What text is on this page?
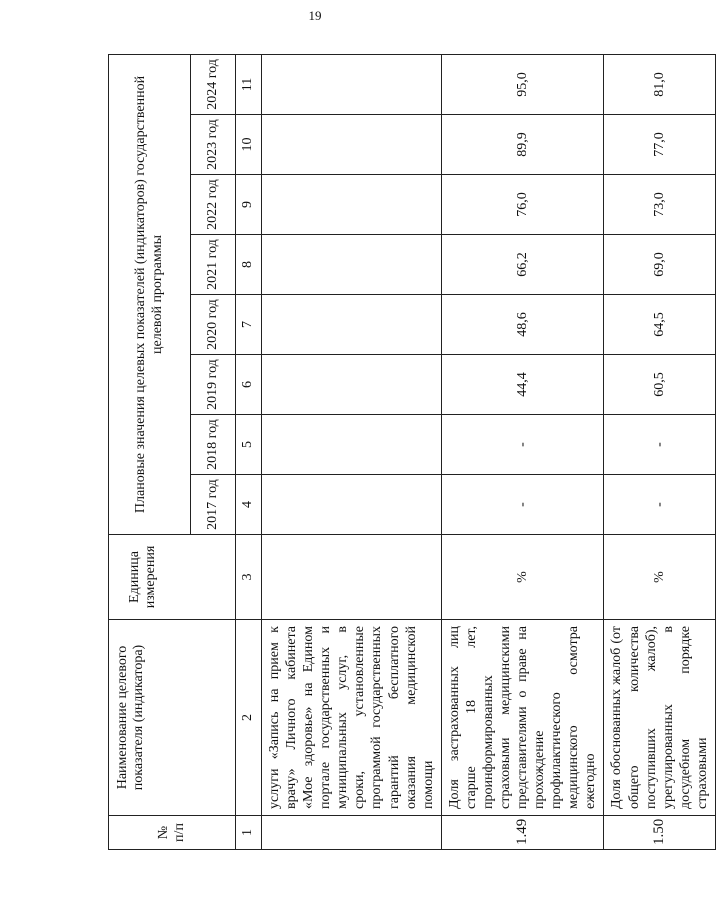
19
№ п/п	Наименование целевого показателя (индикатора)	Единица измерения	Плановые значения целевых показателей (индикаторов) государственной целевой программы							
			2017 год	2018 год	2019 год	2020 год	2021 год	2022 год	2023 год	2024 год
1	2	3	4	5	6	7	8	9	10	11
	услуги «Запись на прием к врачу» Личного кабинета «Мое здоровье» на Едином портале государственных и муниципальных услуг, в сроки, установленные программой государственных гарантий бесплатного оказания медицинской помощи									
1.49	Доля застрахованных лиц старше 18 лет, проинформированных страховыми медицинскими представителями о праве на прохождение профилактического медицинского осмотра ежегодно	%	-	-	44,4	48,6	66,2	76,0	89,9	95,0
1.50	Доля обоснованных жалоб (от общего количества поступивших жалоб), урегулированных в досудебном порядке страховыми	%	-	-	60,5	64,5	69,0	73,0	77,0	81,0
